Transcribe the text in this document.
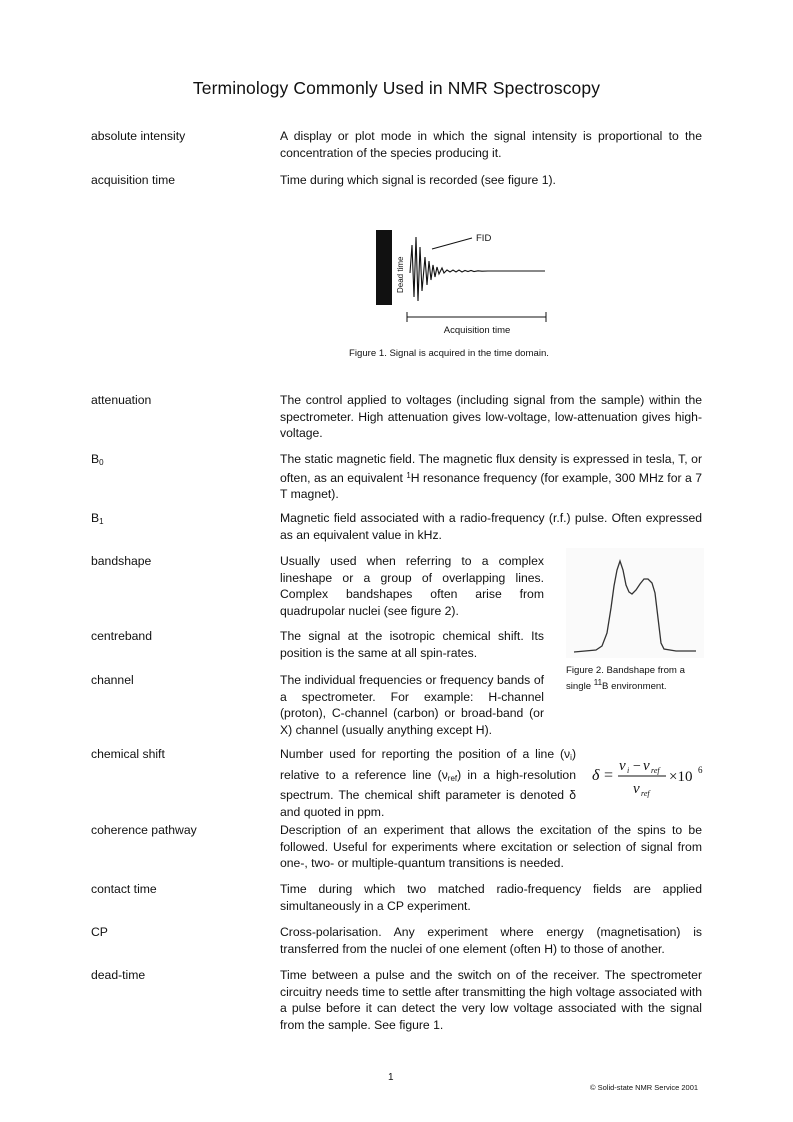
Terminology Commonly Used in NMR Spectroscopy
absolute intensity	A display or plot mode in which the signal intensity is proportional to the concentration of the species producing it.
acquisition time	Time during which signal is recorded (see figure 1).
Dead time
FID
Acquisition time
Figure 1. Signal is acquired in the time domain.
attenuation	The control applied to voltages (including signal from the sample) within the spectrometer. High attenuation gives low-voltage, low-attenuation gives high-voltage.
$B_0$	The static magnetic field. The magnetic flux density is expressed in tesla, T, or often, as an equivalent $^1$H resonance frequency (for example, 300 MHz for a 7 T magnet).
$B_1$	Magnetic field associated with a radio-frequency (r.f.) pulse. Often expressed as an equivalent value in kHz.
bandshape	Usually used when referring to a complex lineshape or a group of overlapping lines. Complex bandshapes often arise from quadrupolar nuclei (see figure 2).
Figure 2. Bandshape from a single $^{11}$B environment.
centreband	The signal at the isotropic chemical shift. Its position is the same at all spin-rates.
channel	The individual frequencies or frequency bands of a spectrometer. For example: H-channel (proton), C-channel (carbon) or broad-band (or X) channel (usually anything except H).
chemical shift	Number used for reporting the position of a line $(\nu_i)$ relative to a reference line $(\nu_{ref})$ in a high-resolution spectrum. The chemical shift parameter is denoted δ and quoted in ppm.
δ =
ν i − ν ref
ν ref
×10 6
coherence pathway	Description of an experiment that allows the excitation of the spins to be followed. Useful for experiments where excitation or selection of signal from one-, two- or multiple-quantum transitions is needed.
contact time	Time during which two matched radio-frequency fields are applied simultaneously in a CP experiment.
CP	Cross-polarisation. Any experiment where energy (magnetisation) is transferred from the nuclei of one element (often H) to those of another.
dead-time	Time between a pulse and the switch on of the receiver. The spectrometer circuitry needs time to settle after transmitting the high voltage associated with a pulse before it can detect the very low voltage associated with the signal from the sample. See figure 1.
1
© Solid-state NMR Service 2001
